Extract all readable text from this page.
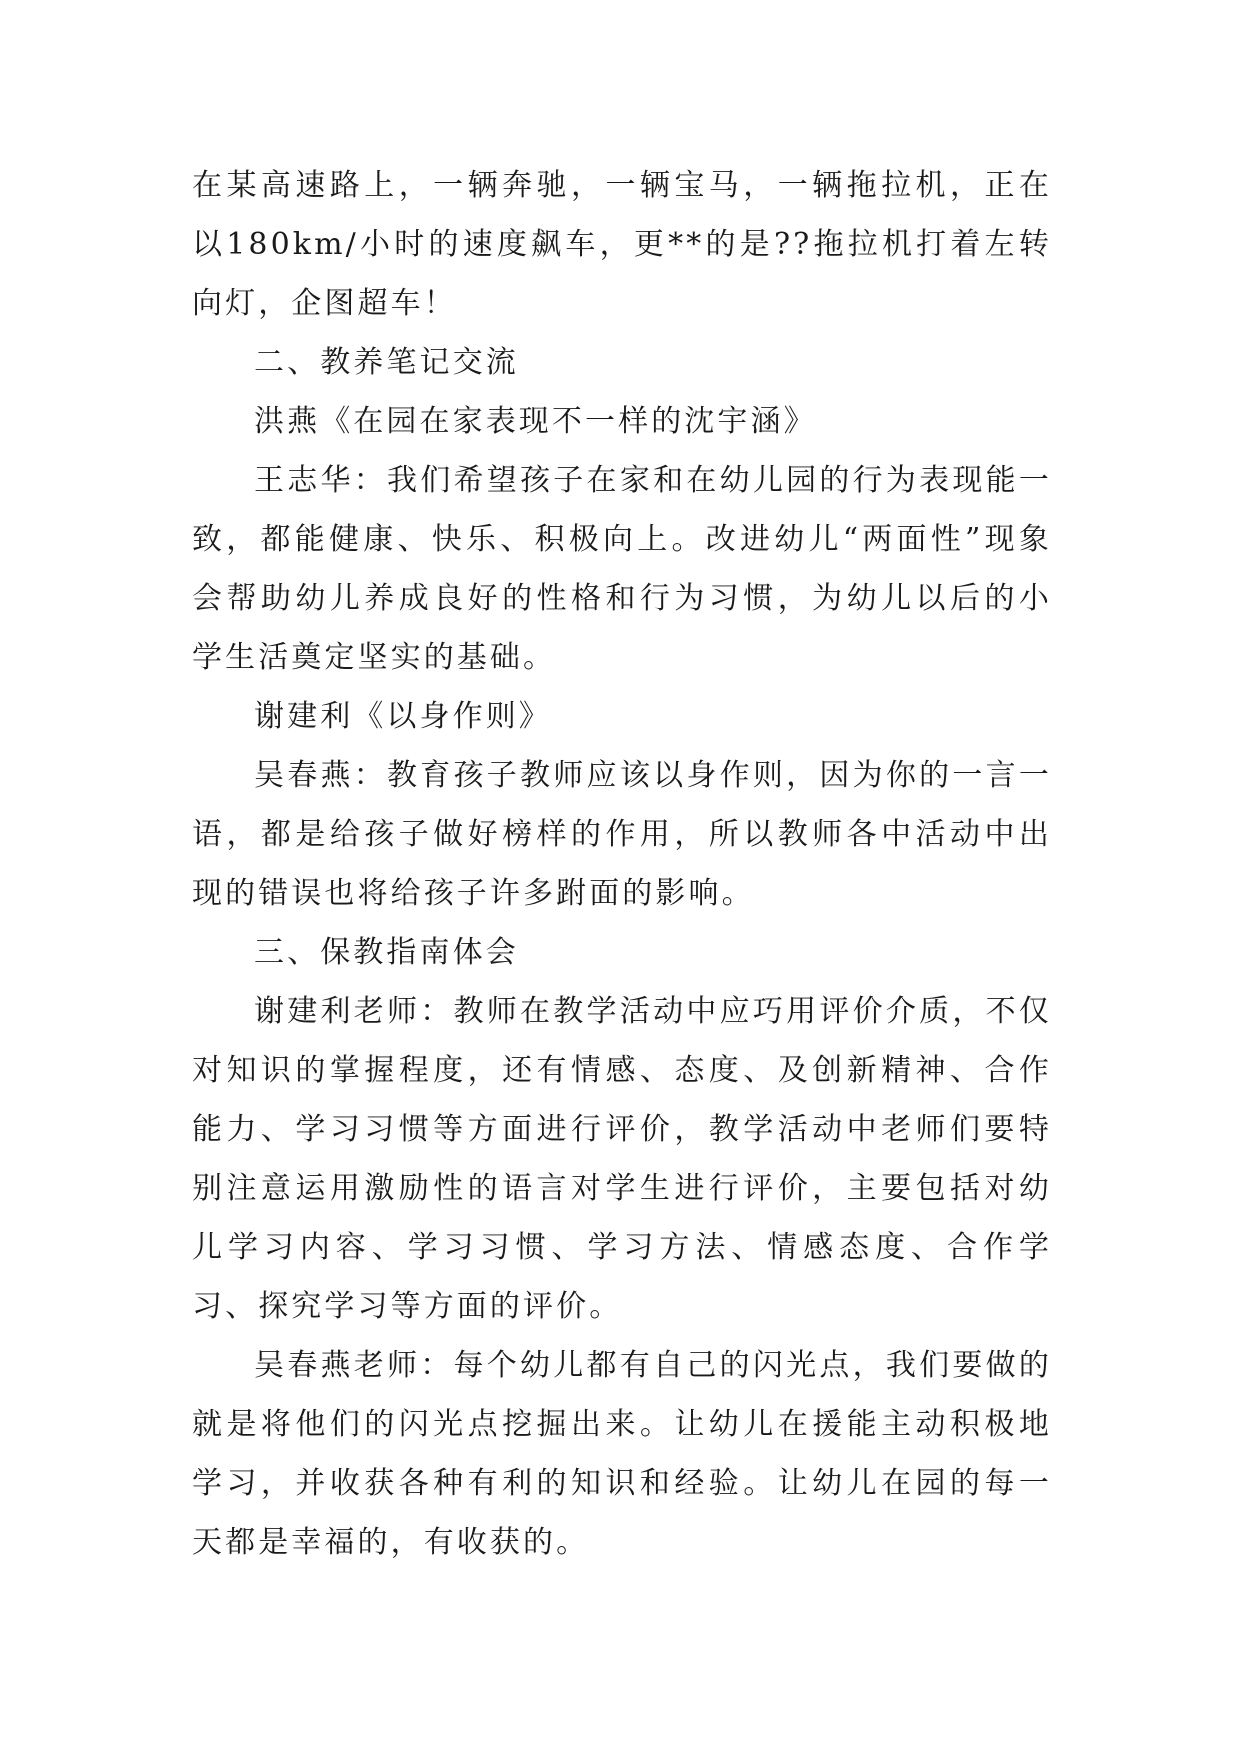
在某高速路上，一辆奔驰，一辆宝马，一辆拖拉机，正在以180km/小时的速度飙车，更**的是??拖拉机打着左转向灯，企图超车！

二、教养笔记交流

洪燕《在园在家表现不一样的沈宇涵》

王志华：我们希望孩子在家和在幼儿园的行为表现能一致，都能健康、快乐、积极向上。改进幼儿“两面性”现象会帮助幼儿养成良好的性格和行为习惯，为幼儿以后的小学生活奠定坚实的基础。

谢建利《以身作则》

吴春燕：教育孩子教师应该以身作则，因为你的一言一语，都是给孩子做好榜样的作用，所以教师各中活动中出现的错误也将给孩子许多跗面的影响。

三、保教指南体会

谢建利老师：教师在教学活动中应巧用评价介质，不仅对知识的掌握程度，还有情感、态度、及创新精神、合作能力、学习习惯等方面进行评价，教学活动中老师们要特别注意运用激励性的语言对学生进行评价，主要包括对幼儿学习内容、学习习惯、学习方法、情感态度、合作学习、探究学习等方面的评价。

吴春燕老师：每个幼儿都有自己的闪光点，我们要做的就是将他们的闪光点挖掘出来。让幼儿在援能主动积极地学习，并收获各种有利的知识和经验。让幼儿在园的每一天都是幸福的，有收获的。
